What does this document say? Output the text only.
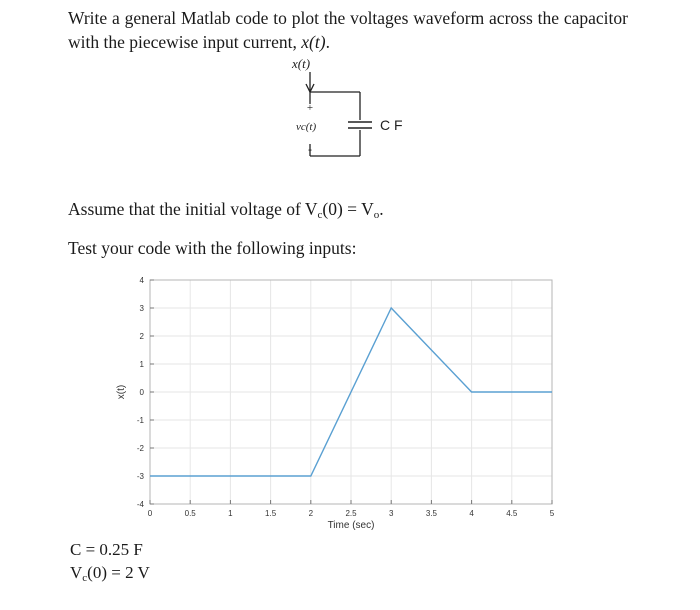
Write a general Matlab code to plot the voltages waveform across the capacitor with the piecewise input current, x(t).
x(t)
+
-
vc(t)	C F
Assume that the initial voltage of $V_c(0) = V_o$.
Test your code with the following inputs:
0	0.5	1	1.5	2	2.5	3	3.5	4	4.5	5
-4
-3
-2
-1
0
1
2
3
4
Time (sec)
x(t)
C = 0.25 F
$V_c(0) = 2$ V
